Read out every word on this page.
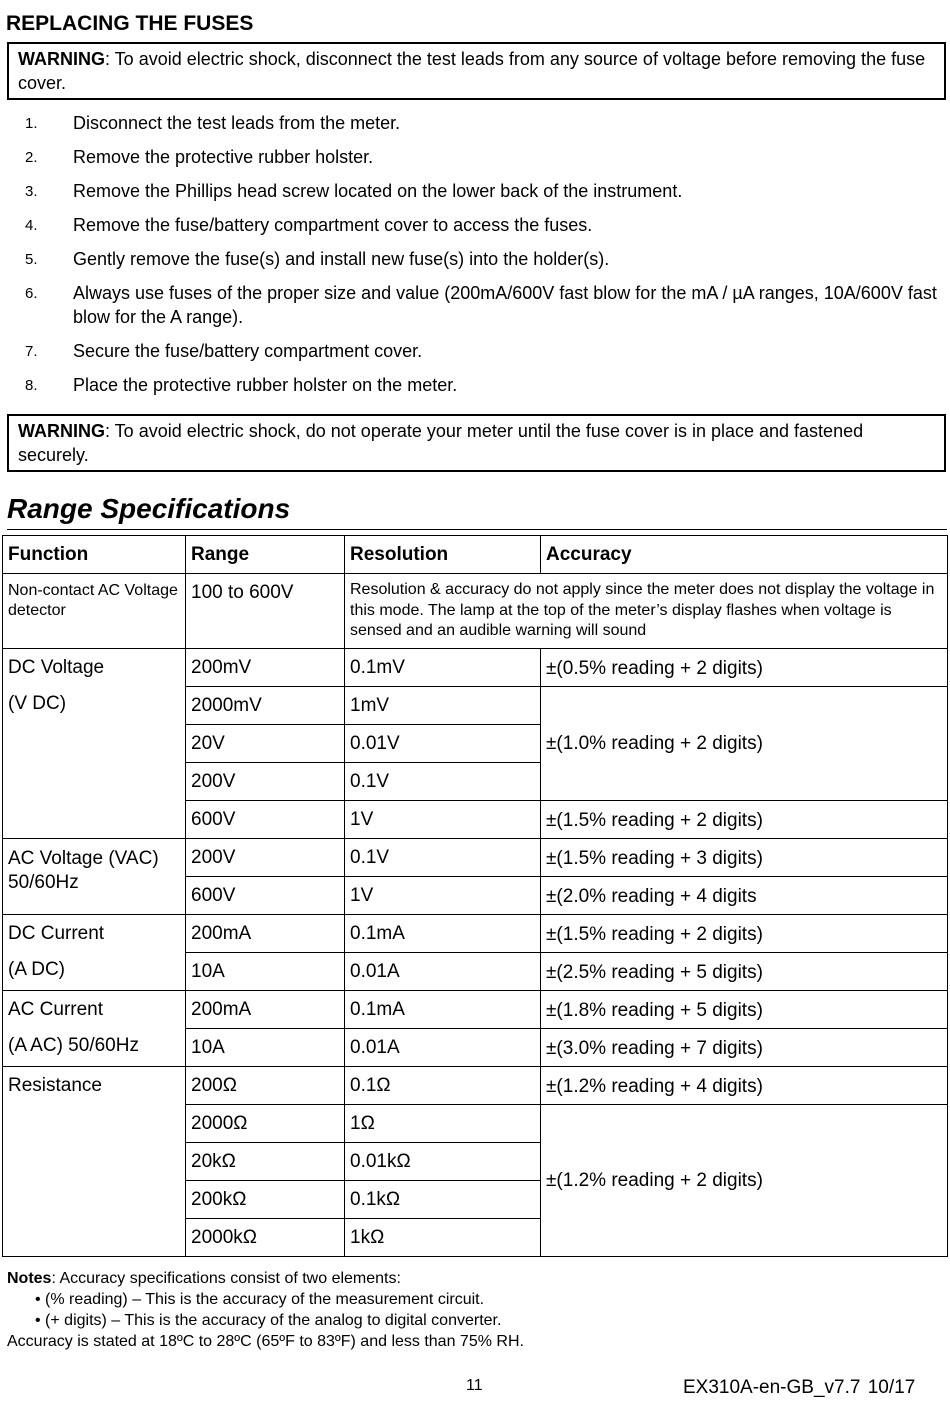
REPLACING THE FUSES
WARNING: To avoid electric shock, disconnect the test leads from any source of voltage before removing the fuse cover.
1. Disconnect the test leads from the meter.
2. Remove the protective rubber holster.
3. Remove the Phillips head screw located on the lower back of the instrument.
4. Remove the fuse/battery compartment cover to access the fuses.
5. Gently remove the fuse(s) and install new fuse(s) into the holder(s).
6. Always use fuses of the proper size and value (200mA/600V fast blow for the mA / µA ranges, 10A/600V fast blow for the A range).
7. Secure the fuse/battery compartment cover.
8. Place the protective rubber holster on the meter.
WARNING: To avoid electric shock, do not operate your meter until the fuse cover is in place and fastened securely.
Range Specifications
Function	Range	Resolution	Accuracy
Non-contact AC Voltage detector	100 to 600V	Resolution & accuracy do not apply since the meter does not display the voltage in this mode. The lamp at the top of the meter’s display flashes when voltage is sensed and an audible warning will sound	
DC Voltage
(V DC)	200mV	0.1mV	±(0.5% reading + 2 digits)
	2000mV	1mV	±(1.0% reading + 2 digits)
	20V	0.01V	
	200V	0.1V	
	600V	1V	±(1.5% reading + 2 digits)
AC Voltage (VAC) 50/60Hz	200V	0.1V	±(1.5% reading + 3 digits)
	600V	1V	±(2.0% reading + 4 digits
DC Current
(A DC)	200mA	0.1mA	±(1.5% reading + 2 digits)
	10A	0.01A	±(2.5% reading + 5 digits)
AC Current
(A AC) 50/60Hz	200mA	0.1mA	±(1.8% reading + 5 digits)
	10A	0.01A	±(3.0% reading + 7 digits)
Resistance	200Ω	0.1Ω	±(1.2% reading + 4 digits)
	2000Ω	1Ω	±(1.2% reading + 2 digits)
	20kΩ	0.01kΩ	
	200kΩ	0.1kΩ	
	2000kΩ	1kΩ	
Notes: Accuracy specifications consist of two elements:
• (% reading) – This is the accuracy of the measurement circuit.
• (+ digits) – This is the accuracy of the analog to digital converter.
Accuracy is stated at 18ºC to 28ºC (65ºF to 83ºF) and less than 75% RH.
11	EX310A-en-GB_v7.7 10/17
